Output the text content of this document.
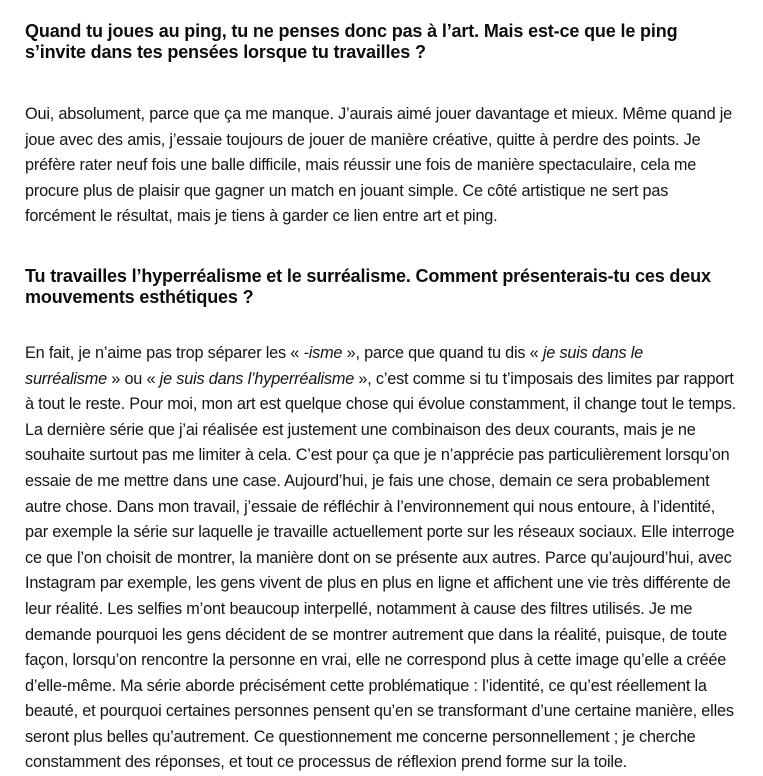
Quand tu joues au ping, tu ne penses donc pas à l’art. Mais est-ce que le ping s’invite dans tes pensées lorsque tu travailles ?

Oui, absolument, parce que ça me manque. J’aurais aimé jouer davantage et mieux. Même quand je joue avec des amis, j’essaie toujours de jouer de manière créative, quitte à perdre des points. Je préfère rater neuf fois une balle difficile, mais réussir une fois de manière spectaculaire, cela me procure plus de plaisir que gagner un match en jouant simple. Ce côté artistique ne sert pas forcément le résultat, mais je tiens à garder ce lien entre art et ping.

Tu travailles l’hyperréalisme et le surréalisme. Comment présenterais-tu ces deux mouvements esthétiques ?

En fait, je n’aime pas trop séparer les « -isme », parce que quand tu dis « je suis dans le surréalisme » ou « je suis dans l’hyperréalisme », c’est comme si tu t’imposais des limites par rapport à tout le reste. Pour moi, mon art est quelque chose qui évolue constamment, il change tout le temps. La dernière série que j’ai réalisée est justement une combinaison des deux courants, mais je ne souhaite surtout pas me limiter à cela. C’est pour ça que je n’apprécie pas particulièrement lorsqu’on essaie de me mettre dans une case. Aujourd’hui, je fais une chose, demain ce sera probablement autre chose. Dans mon travail, j’essaie de réfléchir à l’environnement qui nous entoure, à l’identité, par exemple la série sur laquelle je travaille actuellement porte sur les réseaux sociaux. Elle interroge ce que l’on choisit de montrer, la manière dont on se présente aux autres. Parce qu’aujourd’hui, avec Instagram par exemple, les gens vivent de plus en plus en ligne et affichent une vie très différente de leur réalité. Les selfies m’ont beaucoup interpellé, notamment à cause des filtres utilisés. Je me demande pourquoi les gens décident de se montrer autrement que dans la réalité, puisque, de toute façon, lorsqu’on rencontre la personne en vrai, elle ne correspond plus à cette image qu’elle a créée d’elle-même. Ma série aborde précisément cette problématique : l’identité, ce qu’est réellement la beauté, et pourquoi certaines personnes pensent qu’en se transformant d’une certaine manière, elles seront plus belles qu’autrement. Ce questionnement me concerne personnellement ; je cherche constamment des réponses, et tout ce processus de réflexion prend forme sur la toile.
